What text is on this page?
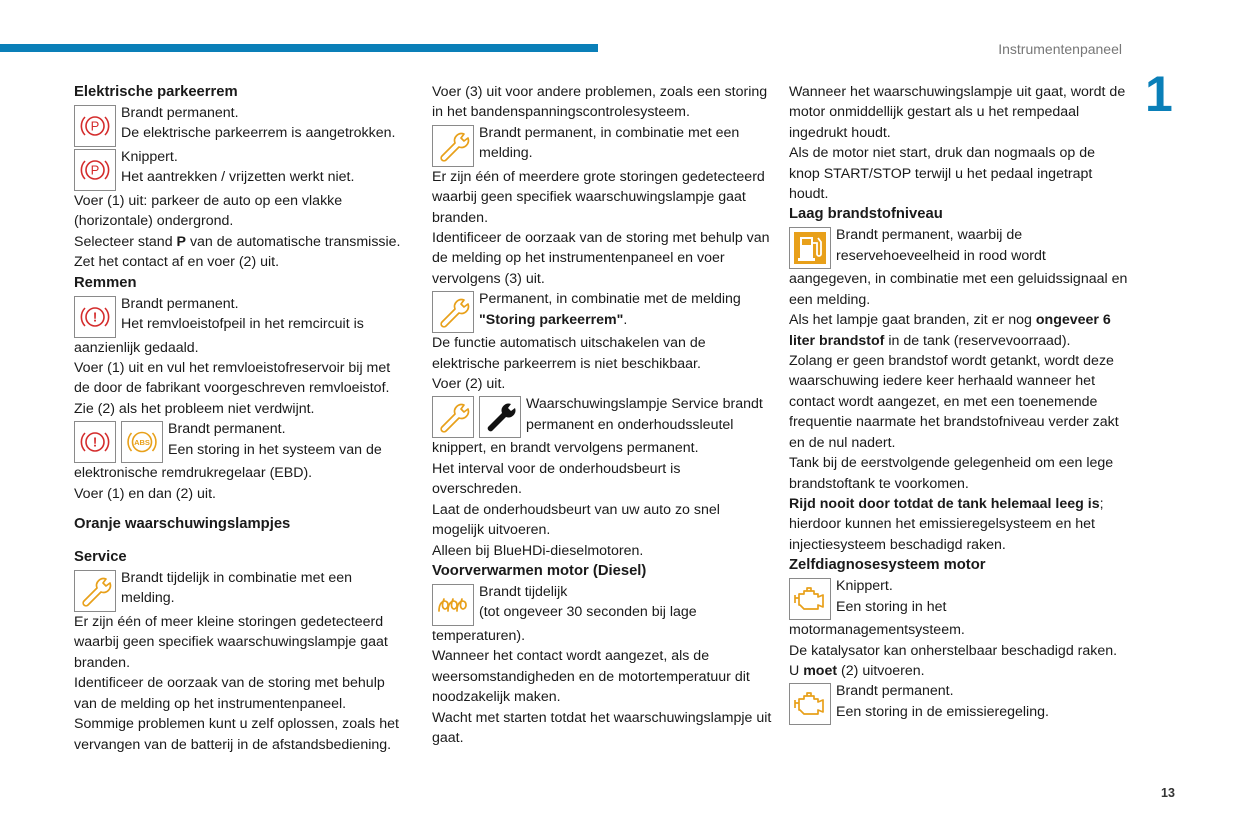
Instrumentenpaneel
1
13

Elektrische parkeerrem

P

Brandt permanent.

De elektrische parkeerrem is aangetrokken.

P

Knippert.

Het aantrekken / vrijzetten werkt niet.

Voer (1) uit: parkeer de auto op een vlakke (horizontale) ondergrond.

Selecteer stand P van de automatische transmissie.

Zet het contact af en voer (2) uit.

Remmen

!

Brandt permanent.

Het remvloeistofpeil in het remcircuit is

aanzienlijk gedaald.

Voer (1) uit en vul het remvloeistofreservoir bij met de door de fabrikant voorgeschreven remvloeistof.

Zie (2) als het probleem niet verdwijnt.

!	ABS

Brandt permanent.

Een storing in het systeem van de

elektronische remdrukregelaar (EBD).

Voer (1) en dan (2) uit.

Oranje waarschuwingslampjes

Service

Brandt tijdelijk in combinatie met een

melding.

Er zijn één of meer kleine storingen gedetecteerd waarbij geen specifiek waarschuwingslampje gaat branden.

Identificeer de oorzaak van de storing met behulp van de melding op het instrumentenpaneel.

Sommige problemen kunt u zelf oplossen, zoals het vervangen van de batterij in de afstandsbediening.

Voer (3) uit voor andere problemen, zoals een storing in het bandenspanningscontrolesysteem.

Brandt permanent, in combinatie met een

melding.

Er zijn één of meerdere grote storingen gedetecteerd waarbij geen specifiek waarschuwingslampje gaat branden.

Identificeer de oorzaak van de storing met behulp van de melding op het instrumentenpaneel en voer vervolgens (3) uit.

Permanent, in combinatie met de melding

"Storing parkeerrem".

De functie automatisch uitschakelen van de elektrische parkeerrem is niet beschikbaar.

Voer (2) uit.

Waarschuwingslampje Service brandt

permanent en onderhoudssleutel

knippert, en brandt vervolgens permanent.

Het interval voor de onderhoudsbeurt is overschreden.

Laat de onderhoudsbeurt van uw auto zo snel mogelijk uitvoeren.

Alleen bij BlueHDi-dieselmotoren.

Voorverwarmen motor (Diesel)

Brandt tijdelijk

(tot ongeveer 30 seconden bij lage

temperaturen).

Wanneer het contact wordt aangezet, als de weersomstandigheden en de motortemperatuur dit noodzakelijk maken.

Wacht met starten totdat het waarschuwingslampje uit gaat.

Wanneer het waarschuwingslampje uit gaat, wordt de motor onmiddellijk gestart als u het rempedaal ingedrukt houdt.

Als de motor niet start, druk dan nogmaals op de knop START/STOP terwijl u het pedaal ingetrapt houdt.

Laag brandstofniveau

Brandt permanent, waarbij de

reservehoeveelheid in rood wordt

aangegeven, in combinatie met een geluidssignaal en een melding.

Als het lampje gaat branden, zit er nog ongeveer 6 liter brandstof in de tank (reservevoorraad).

Zolang er geen brandstof wordt getankt, wordt deze waarschuwing iedere keer herhaald wanneer het contact wordt aangezet, en met een toenemende frequentie naarmate het brandstofniveau verder zakt en de nul nadert.

Tank bij de eerstvolgende gelegenheid om een lege brandstoftank te voorkomen.

Rijd nooit door totdat de tank helemaal leeg is; hierdoor kunnen het emissieregelsysteem en het injectiesysteem beschadigd raken.

Zelfdiagnosesysteem motor

Knippert.

Een storing in het

motormanagementsysteem.

De katalysator kan onherstelbaar beschadigd raken.

U moet (2) uitvoeren.

Brandt permanent.

Een storing in de emissieregeling.
